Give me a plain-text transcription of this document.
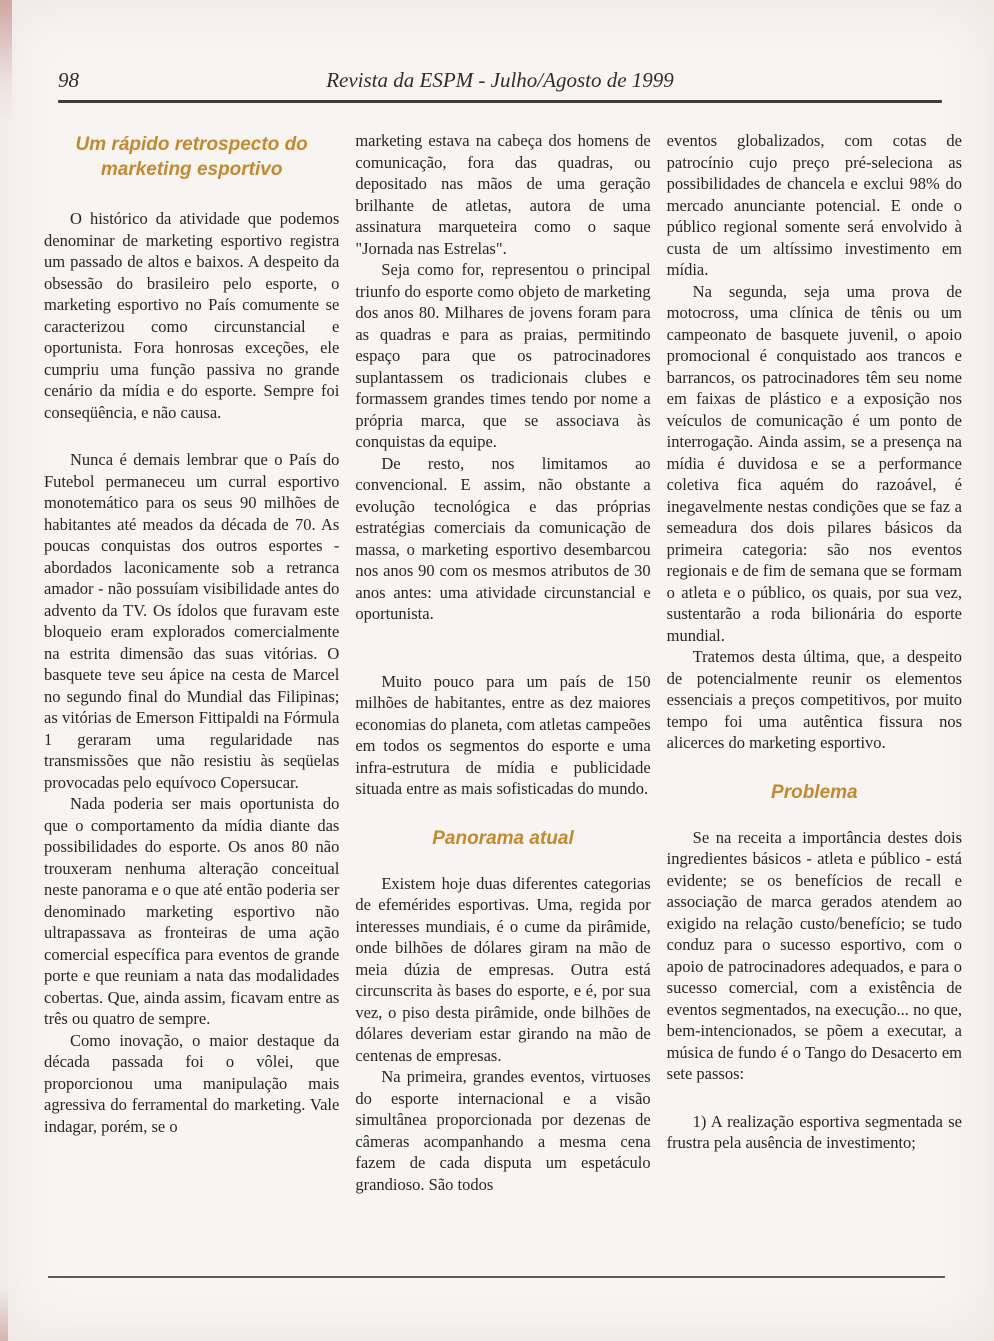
98	Revista da ESPM - Julho/Agosto de 1999
Um rápido retrospecto do marketing esportivo

O histórico da atividade que podemos denominar de marketing esportivo registra um passado de altos e baixos. A despeito da obsessão do brasileiro pelo esporte, o marketing esportivo no País comumente se caracterizou como circunstancial e oportunista. Fora honrosas exceções, ele cumpriu uma função passiva no grande cenário da mídia e do esporte. Sempre foi conseqüência, e não causa.

Nunca é demais lembrar que o País do Futebol permaneceu um curral esportivo monotemático para os seus 90 milhões de habitantes até meados da década de 70. As poucas conquistas dos outros esportes - abordados laconicamente sob a retranca amador - não possuíam visibilidade antes do advento da TV. Os ídolos que furavam este bloqueio eram explorados comercialmente na estrita dimensão das suas vitórias. O basquete teve seu ápice na cesta de Marcel no segundo final do Mundial das Filipinas; as vitórias de Emerson Fittipaldi na Fórmula 1 geraram uma regularidade nas transmissões que não resistiu às seqüelas provocadas pelo equívoco Copersucar.

Nada poderia ser mais oportunista do que o comportamento da mídia diante das possibilidades do esporte. Os anos 80 não trouxeram nenhuma alteração conceitual neste panorama e o que até então poderia ser denominado marketing esportivo não ultrapassava as fronteiras de uma ação comercial específica para eventos de grande porte e que reuniam a nata das modalidades cobertas. Que, ainda assim, ficavam entre as três ou quatro de sempre.

Como inovação, o maior destaque da década passada foi o vôlei, que proporcionou uma manipulação mais agressiva do ferramental do marketing. Vale indagar, porém, se o

marketing estava na cabeça dos homens de comunicação, fora das quadras, ou depositado nas mãos de uma geração brilhante de atletas, autora de uma assinatura marqueteira como o saque "Jornada nas Estrelas".

Seja como for, representou o principal triunfo do esporte como objeto de marketing dos anos 80. Milhares de jovens foram para as quadras e para as praias, permitindo espaço para que os patrocinadores suplantassem os tradicionais clubes e formassem grandes times tendo por nome a própria marca, que se associava às conquistas da equipe.

De resto, nos limitamos ao convencional. E assim, não obstante a evolução tecnológica e das próprias estratégias comerciais da comunicação de massa, o marketing esportivo desembarcou nos anos 90 com os mesmos atributos de 30 anos antes: uma atividade circunstancial e oportunista.

Muito pouco para um país de 150 milhões de habitantes, entre as dez maiores economias do planeta, com atletas campeões em todos os segmentos do esporte e uma infra-estrutura de mídia e publicidade situada entre as mais sofisticadas do mundo.

Panorama atual

Existem hoje duas diferentes categorias de efemérides esportivas. Uma, regida por interesses mundiais, é o cume da pirâmide, onde bilhões de dólares giram na mão de meia dúzia de empresas. Outra está circunscrita às bases do esporte, e é, por sua vez, o piso desta pirâmide, onde bilhões de dólares deveriam estar girando na mão de centenas de empresas.

Na primeira, grandes eventos, virtuoses do esporte internacional e a visão simultânea proporcionada por dezenas de câmeras acompanhando a mesma cena fazem de cada disputa um espetáculo grandioso. São todos

eventos globalizados, com cotas de patrocínio cujo preço pré-seleciona as possibilidades de chancela e exclui 98% do mercado anunciante potencial. E onde o público regional somente será envolvido à custa de um altíssimo investimento em mídia.

Na segunda, seja uma prova de motocross, uma clínica de tênis ou um campeonato de basquete juvenil, o apoio promocional é conquistado aos trancos e barrancos, os patrocinadores têm seu nome em faixas de plástico e a exposição nos veículos de comunicação é um ponto de interrogação. Ainda assim, se a presença na mídia é duvidosa e se a performance coletiva fica aquém do razoável, é inegavelmente nestas condições que se faz a semeadura dos dois pilares básicos da primeira categoria: são nos eventos regionais e de fim de semana que se formam o atleta e o público, os quais, por sua vez, sustentarão a roda bilionária do esporte mundial.

Tratemos desta última, que, a despeito de potencialmente reunir os elementos essenciais a preços competitivos, por muito tempo foi uma autêntica fissura nos alicerces do marketing esportivo.

Problema

Se na receita a importância destes dois ingredientes básicos - atleta e público - está evidente; se os benefícios de recall e associação de marca gerados atendem ao exigido na relação custo/benefício; se tudo conduz para o sucesso esportivo, com o apoio de patrocinadores adequados, e para o sucesso comercial, com a existência de eventos segmentados, na execução... no que, bem-intencionados, se põem a executar, a música de fundo é o Tango do Desacerto em sete passos:

1) A realização esportiva segmentada se frustra pela ausência de investimento;
